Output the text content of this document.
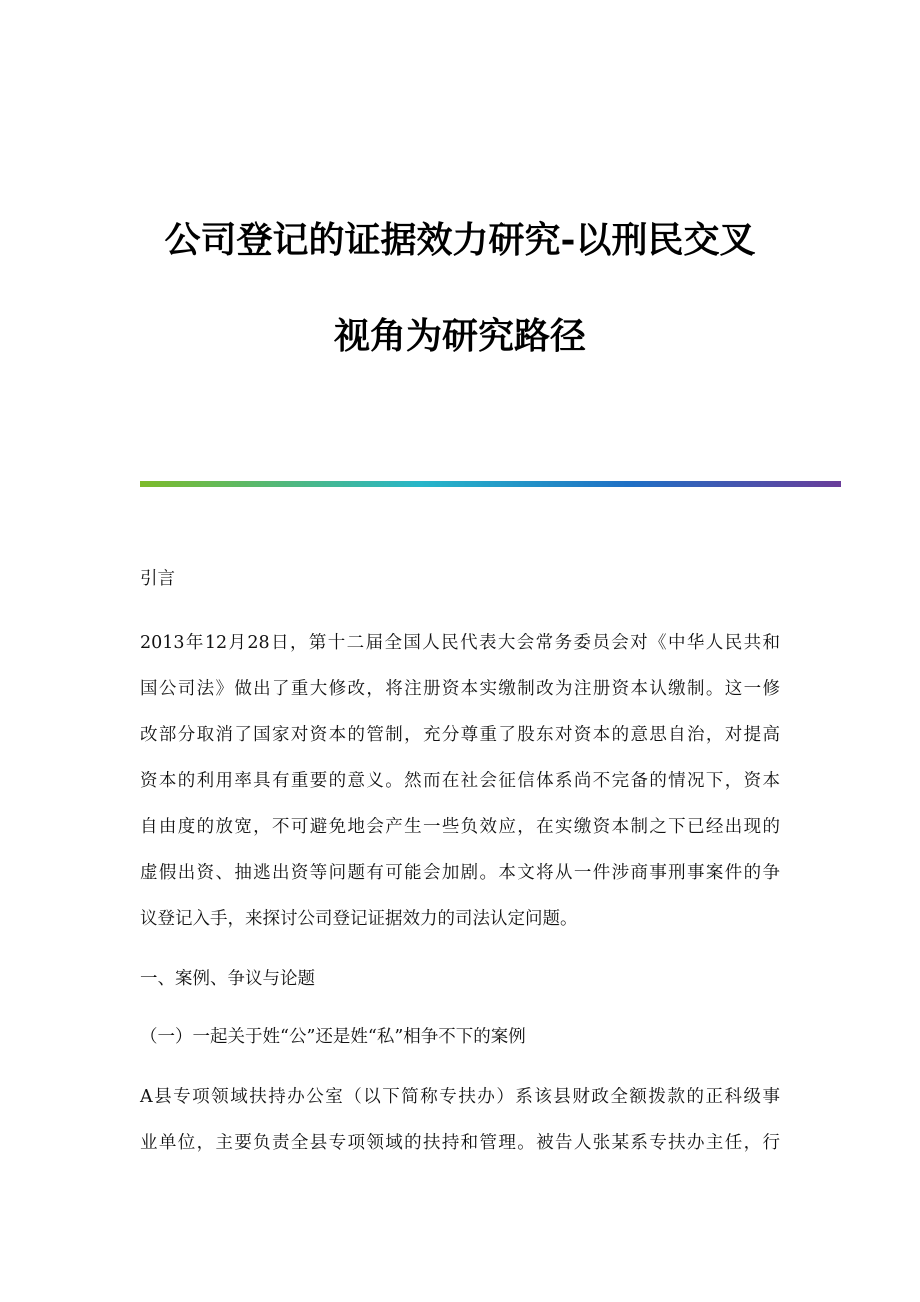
公司登记的证据效力研究-以刑民交叉
视角为研究路径
引言
2013年12月28日，第十二届全国人民代表大会常务委员会对《中华人民共和
国公司法》做出了重大修改，将注册资本实缴制改为注册资本认缴制。这一修
改部分取消了国家对资本的管制，充分尊重了股东对资本的意思自治，对提高
资本的利用率具有重要的意义。然而在社会征信体系尚不完备的情况下，资本
自由度的放宽，不可避免地会产生一些负效应，在实缴资本制之下已经出现的
虚假出资、抽逃出资等问题有可能会加剧。本文将从一件涉商事刑事案件的争
议登记入手，来探讨公司登记证据效力的司法认定问题。
一、案例、争议与论题
（一）一起关于姓“公”还是姓“私”相争不下的案例
A县专项领域扶持办公室（以下简称专扶办）系该县财政全额拨款的正科级事
业单位，主要负责全县专项领域的扶持和管理。被告人张某系专扶办主任，行
